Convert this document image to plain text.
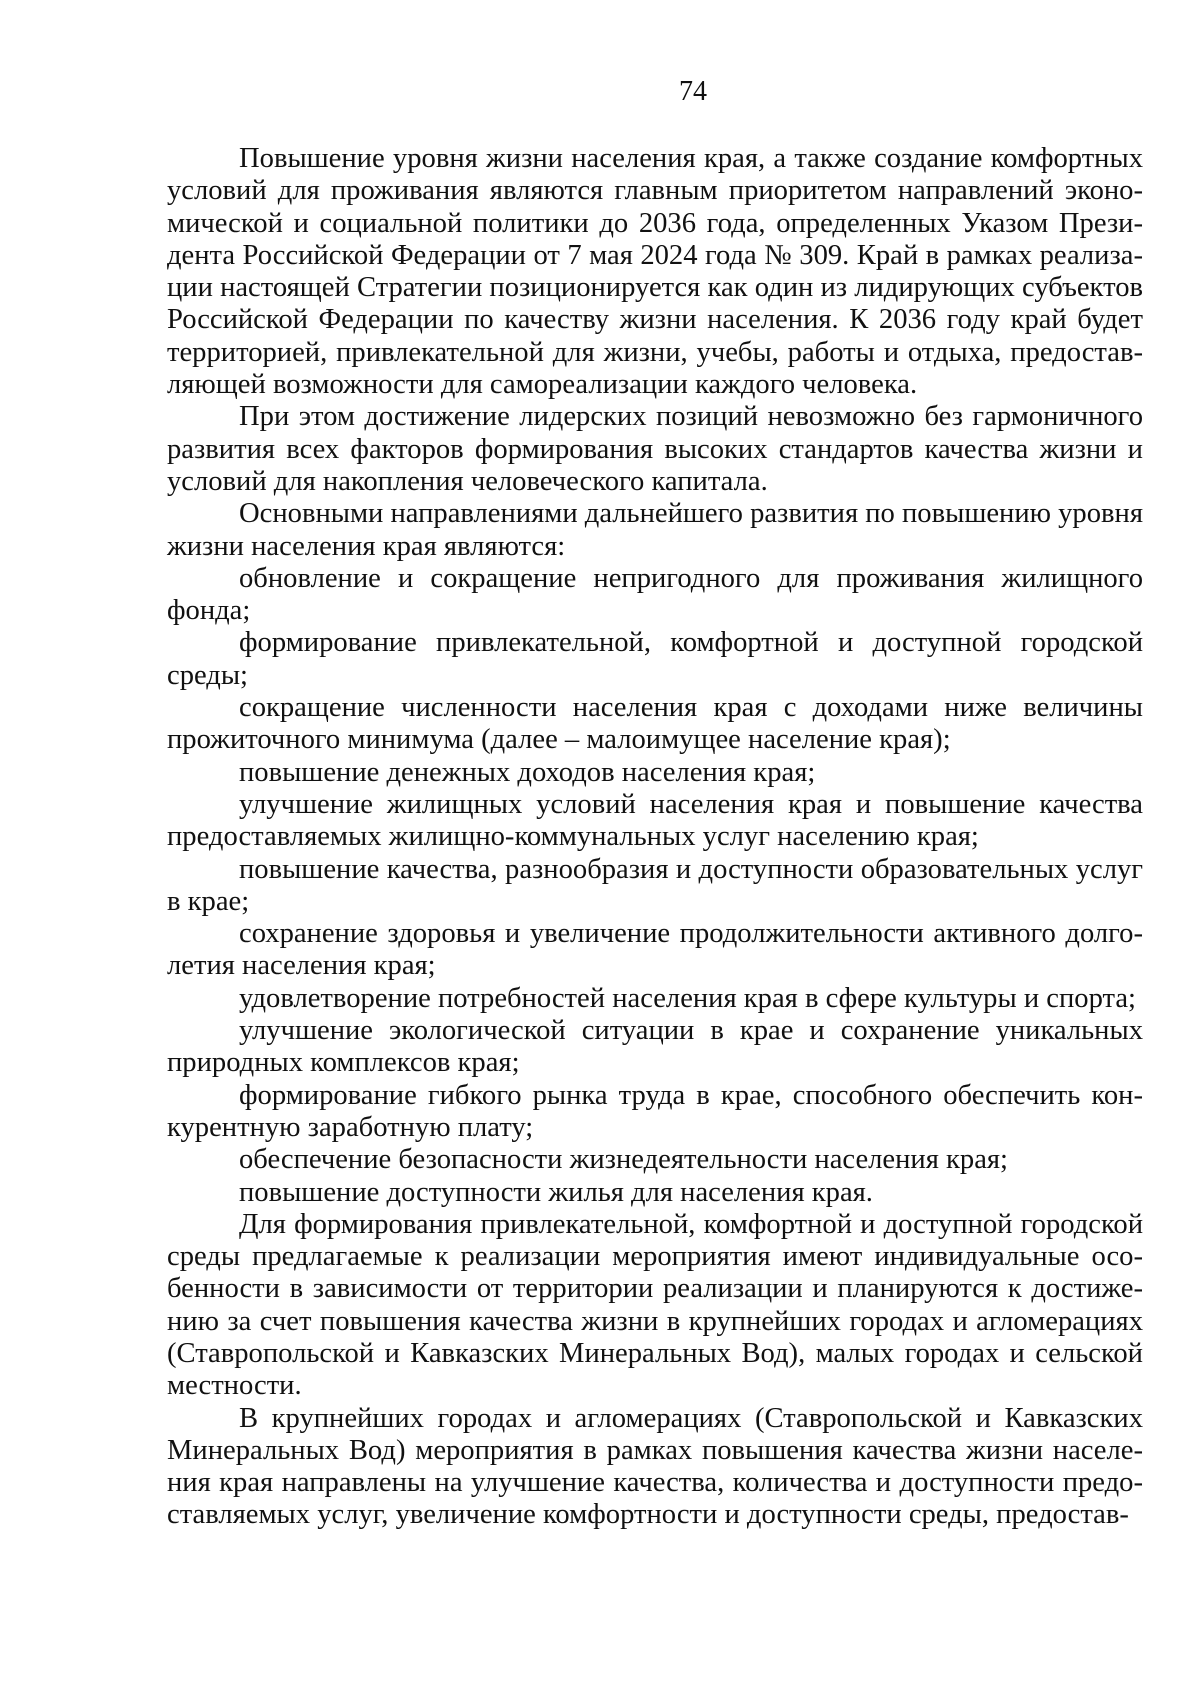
74

Повышение уровня жизни населения края, а также создание комфортных условий для проживания являются главным приоритетом направлений экономической и социальной политики до 2036 года, определенных Указом Президента Российской Федерации от 7 мая 2024 года № 309. Край в рамках реализации настоящей Стратегии позиционируется как один из лидирующих субъектов Российской Федерации по качеству жизни населения. К 2036 году край будет территорией, привлекательной для жизни, учебы, работы и отдыха, предоставляющей возможности для самореализации каждого человека.

При этом достижение лидерских позиций невозможно без гармоничного развития всех факторов формирования высоких стандартов качества жизни и условий для накопления человеческого капитала.

Основными направлениями дальнейшего развития по повышению уровня жизни населения края являются:

обновление и сокращение непригодного для проживания жилищного фонда;

формирование привлекательной, комфортной и доступной городской среды;

сокращение численности населения края с доходами ниже величины прожиточного минимума (далее – малоимущее население края);

повышение денежных доходов населения края;

улучшение жилищных условий населения края и повышение качества предоставляемых жилищно-коммунальных услуг населению края;

повышение качества, разнообразия и доступности образовательных услуг в крае;

сохранение здоровья и увеличение продолжительности активного долголетия населения края;

удовлетворение потребностей населения края в сфере культуры и спорта;

улучшение экологической ситуации в крае и сохранение уникальных природных комплексов края;

формирование гибкого рынка труда в крае, способного обеспечить конкурентную заработную плату;

обеспечение безопасности жизнедеятельности населения края;

повышение доступности жилья для населения края.

Для формирования привлекательной, комфортной и доступной городской среды предлагаемые к реализации мероприятия имеют индивидуальные особенности в зависимости от территории реализации и планируются к достижению за счет повышения качества жизни в крупнейших городах и агломерациях (Ставропольской и Кавказских Минеральных Вод), малых городах и сельской местности.

В крупнейших городах и агломерациях (Ставропольской и Кавказских Минеральных Вод) мероприятия в рамках повышения качества жизни населения края направлены на улучшение качества, количества и доступности предоставляемых услуг, увеличение комфортности и доступности среды, предостав-
